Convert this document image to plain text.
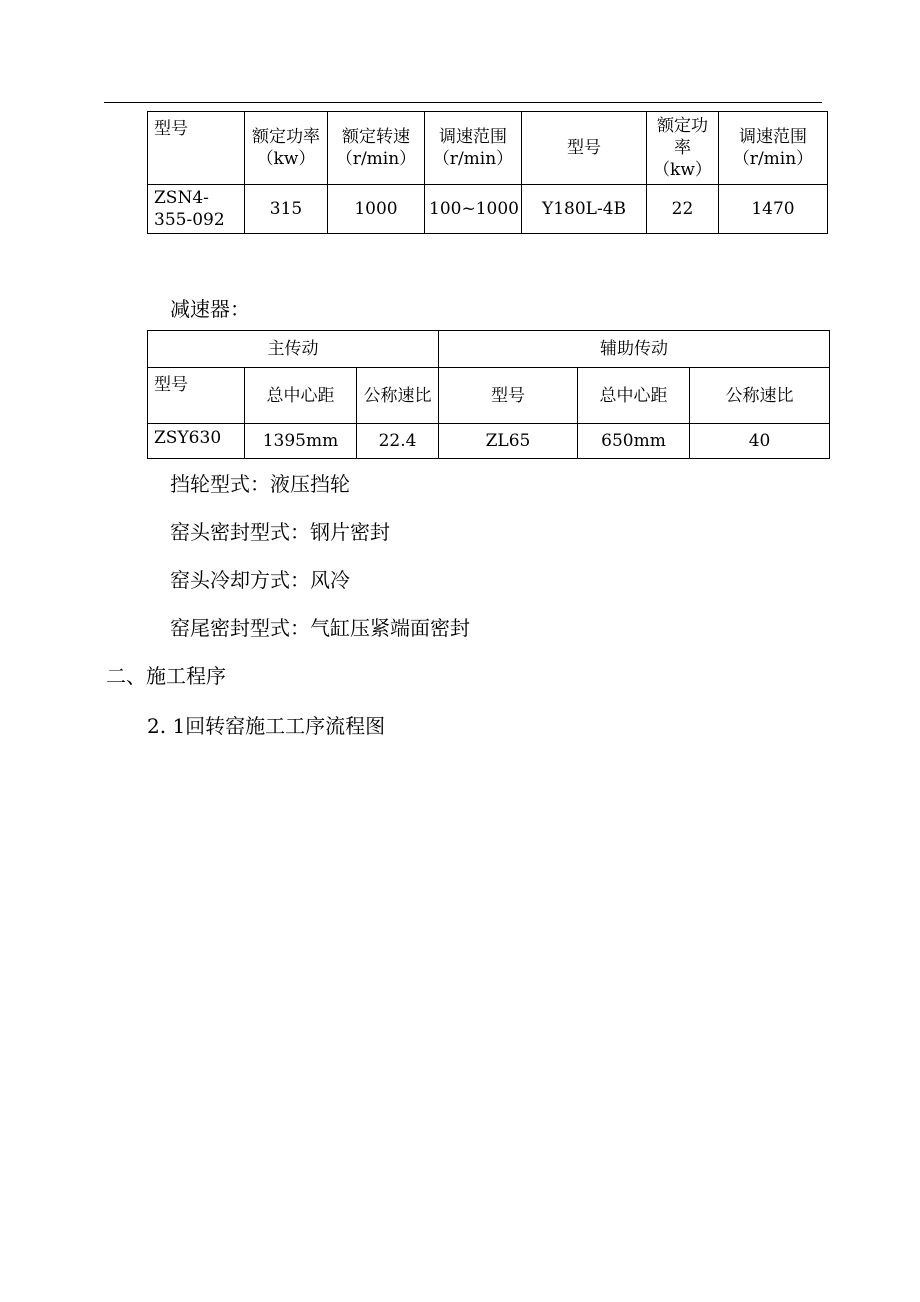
型号	额定功率（kw）	额定转速（r/min）	调速范围（r/min）	型号	额定功率（kw）	调速范围（r/min）
ZSN4-355-092	315	1000	100~1000	Y180L-4B	22	1470
减速器：
主传动			辅助传动		
型号	总中心距	公称速比	型号	总中心距	公称速比
ZSY630	1395mm	22.4	ZL65	650mm	40
挡轮型式：液压挡轮
窑头密封型式：钢片密封
窑头冷却方式：风冷
窑尾密封型式：气缸压紧端面密封
二、施工程序
2. 1回转窑施工工序流程图
